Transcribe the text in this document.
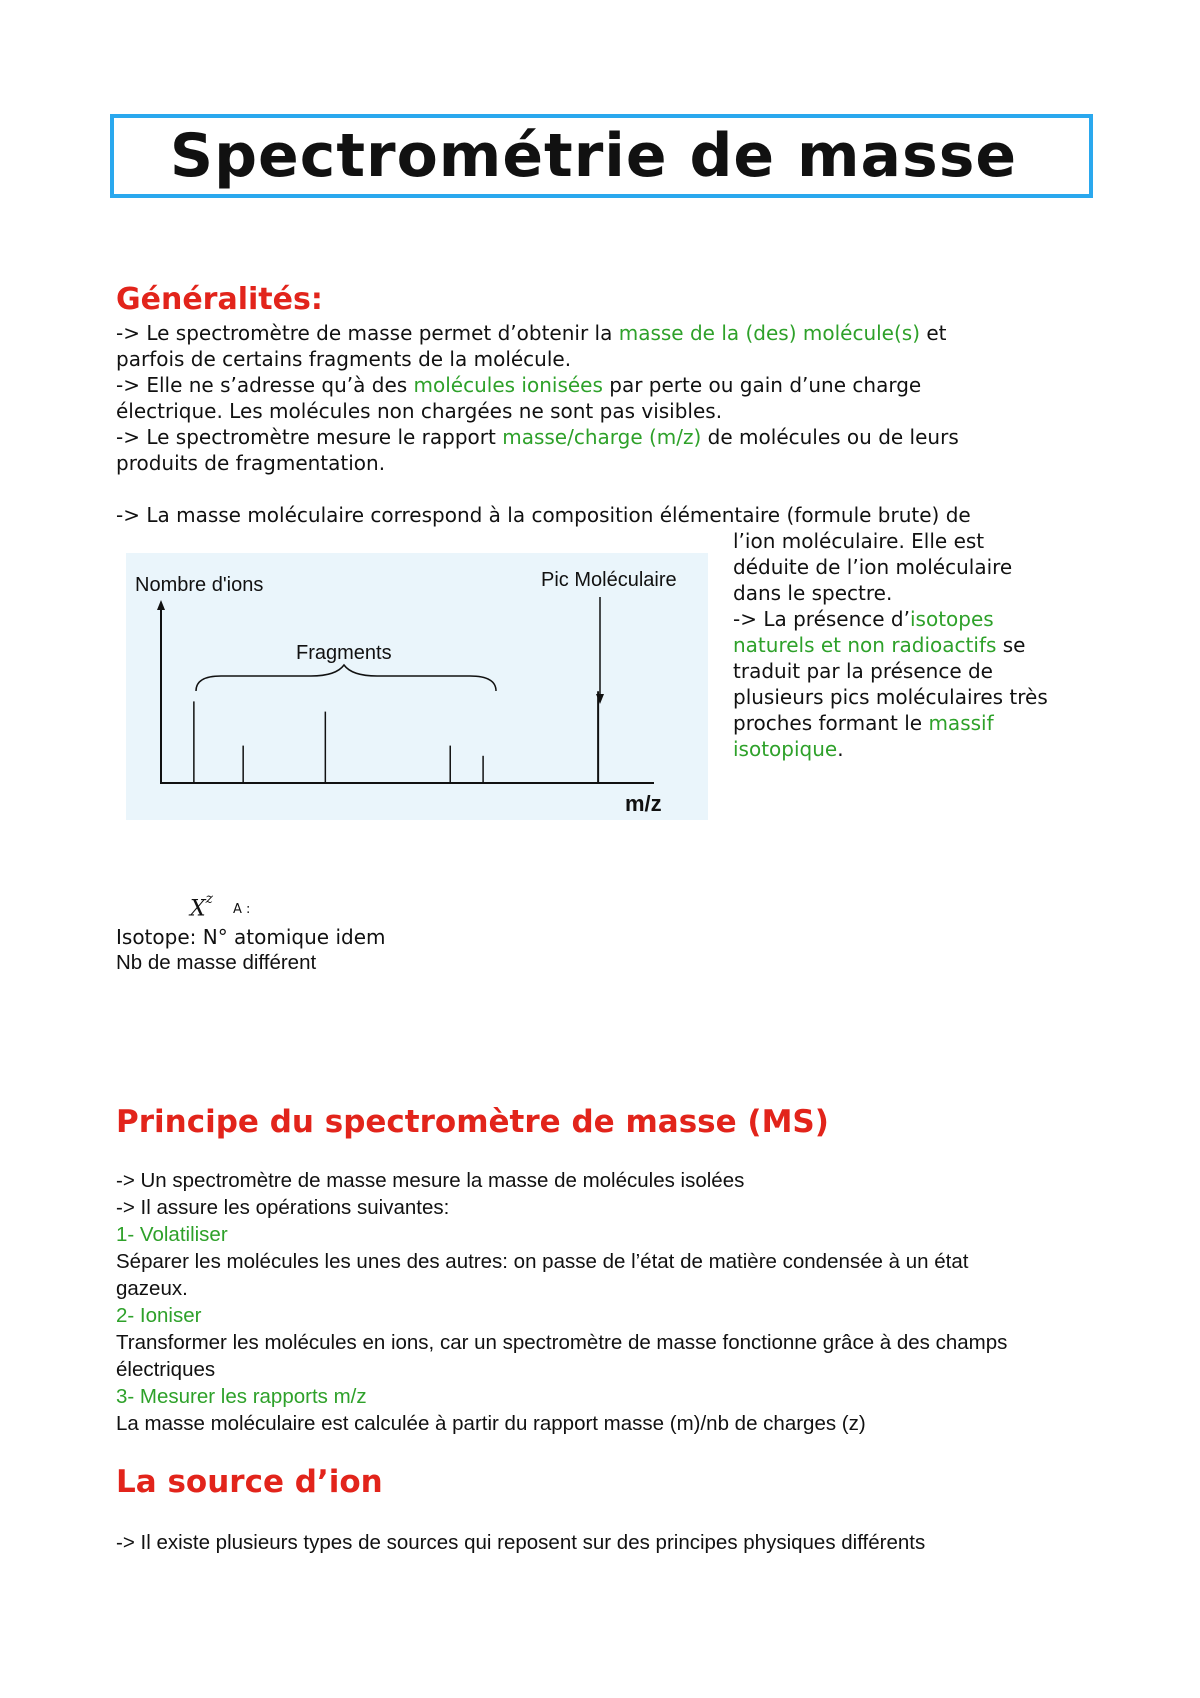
Spectrométrie de masse
Généralités:
-> Le spectromètre de masse permet d’obtenir la masse de la (des) molécule(s) et
parfois de certains fragments de la molécule.
-> Elle ne s’adresse qu’à des molécules ionisées par perte ou gain d’une charge
électrique. Les molécules non chargées ne sont pas visibles.
-> Le spectromètre mesure le rapport masse/charge (m/z) de molécules ou de leurs
produits de fragmentation.
-> La masse moléculaire correspond à la composition élémentaire (formule brute) de
Nombre d'ions	Pic Moléculaire
Fragments
m/z
l’ion moléculaire. Elle est
déduite de l’ion moléculaire
dans le spectre.
-> La présence d’isotopes
naturels et non radioactifs se
traduit par la présence de
plusieurs pics moléculaires très
proches formant le massif
isotopique.
$X^z$
A :
Isotope: N° atomique idem
Nb de masse différent
Principe du spectromètre de masse (MS)
-> Un spectromètre de masse mesure la masse de molécules isolées
-> Il assure les opérations suivantes:
1- Volatiliser
Séparer les molécules les unes des autres: on passe de l’état de matière condensée à un état
gazeux.
2- Ioniser
Transformer les molécules en ions, car un spectromètre de masse fonctionne grâce à des champs
électriques
3- Mesurer les rapports m/z
La masse moléculaire est calculée à partir du rapport masse (m)/nb de charges (z)
La source d’ion
-> Il existe plusieurs types de sources qui reposent sur des principes physiques différents
